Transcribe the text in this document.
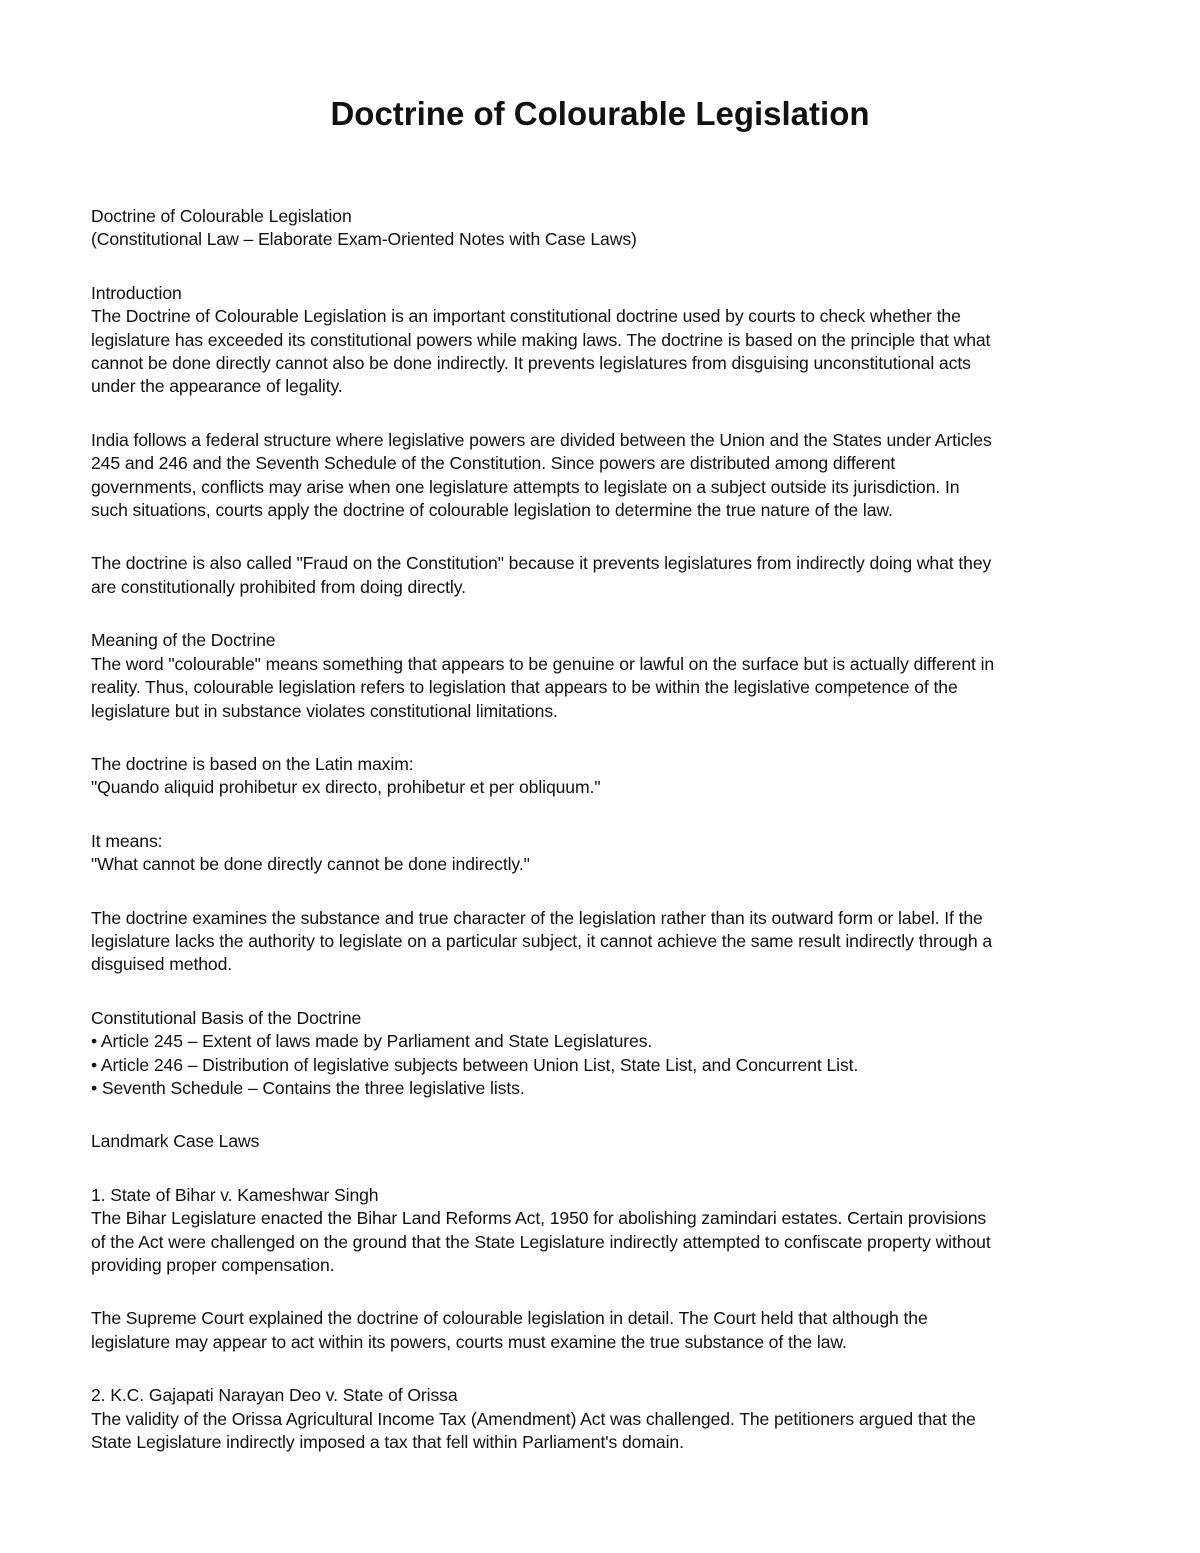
Doctrine of Colourable Legislation

Doctrine of Colourable Legislation

(Constitutional Law – Elaborate Exam-Oriented Notes with Case Laws)

Introduction

The Doctrine of Colourable Legislation is an important constitutional doctrine used by courts to check whether the

legislature has exceeded its constitutional powers while making laws. The doctrine is based on the principle that what

cannot be done directly cannot also be done indirectly. It prevents legislatures from disguising unconstitutional acts

under the appearance of legality.

India follows a federal structure where legislative powers are divided between the Union and the States under Articles

245 and 246 and the Seventh Schedule of the Constitution. Since powers are distributed among different

governments, conflicts may arise when one legislature attempts to legislate on a subject outside its jurisdiction. In

such situations, courts apply the doctrine of colourable legislation to determine the true nature of the law.

The doctrine is also called "Fraud on the Constitution" because it prevents legislatures from indirectly doing what they

are constitutionally prohibited from doing directly.

Meaning of the Doctrine

The word "colourable" means something that appears to be genuine or lawful on the surface but is actually different in

reality. Thus, colourable legislation refers to legislation that appears to be within the legislative competence of the

legislature but in substance violates constitutional limitations.

The doctrine is based on the Latin maxim:

"Quando aliquid prohibetur ex directo, prohibetur et per obliquum."

It means:

"What cannot be done directly cannot be done indirectly."

The doctrine examines the substance and true character of the legislation rather than its outward form or label. If the

legislature lacks the authority to legislate on a particular subject, it cannot achieve the same result indirectly through a

disguised method.

Constitutional Basis of the Doctrine

• Article 245 – Extent of laws made by Parliament and State Legislatures.

• Article 246 – Distribution of legislative subjects between Union List, State List, and Concurrent List.

• Seventh Schedule – Contains the three legislative lists.

Landmark Case Laws

1. State of Bihar v. Kameshwar Singh

The Bihar Legislature enacted the Bihar Land Reforms Act, 1950 for abolishing zamindari estates. Certain provisions

of the Act were challenged on the ground that the State Legislature indirectly attempted to confiscate property without

providing proper compensation.

The Supreme Court explained the doctrine of colourable legislation in detail. The Court held that although the

legislature may appear to act within its powers, courts must examine the true substance of the law.

2. K.C. Gajapati Narayan Deo v. State of Orissa

The validity of the Orissa Agricultural Income Tax (Amendment) Act was challenged. The petitioners argued that the

State Legislature indirectly imposed a tax that fell within Parliament's domain.
